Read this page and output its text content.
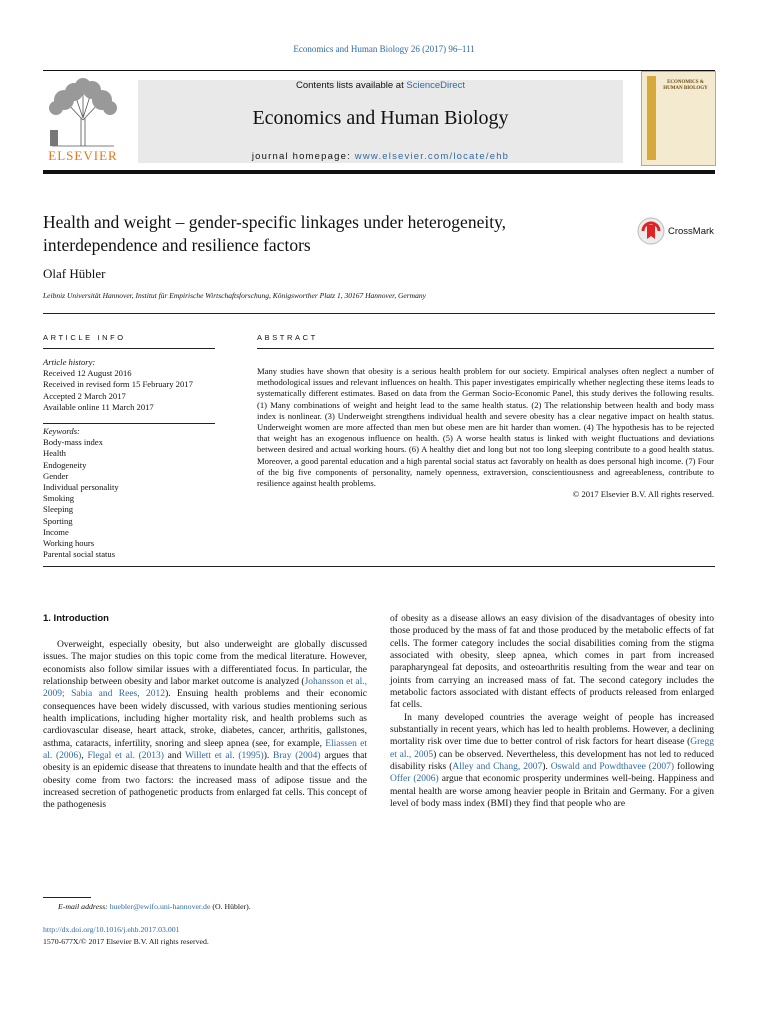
Economics and Human Biology 26 (2017) 96–111
ELSEVIER
Contents lists available at ScienceDirect
Economics and Human Biology
journal homepage: www.elsevier.com/locate/ehb
ECONOMICS & HUMAN BIOLOGY
Health and weight – gender-specific linkages under heterogeneity,
interdependence and resilience factors
CrossMark
Olaf Hübler
Leibniz Universität Hannover, Institut für Empirische Wirtschaftsforschung, Königsworther Platz 1, 30167 Hannover, Germany
ARTICLE INFO
Article history:
Received 12 August 2016
Received in revised form 15 February 2017
Accepted 2 March 2017
Available online 11 March 2017
Keywords:
Body-mass index
Health
Endogeneity
Gender
Individual personality
Smoking
Sleeping
Sporting
Income
Working hours
Parental social status
ABSTRACT
Many studies have shown that obesity is a serious health problem for our society. Empirical analyses often neglect a number of methodological issues and relevant influences on health. This paper investigates empirically whether neglecting these items leads to systematically different estimates. Based on data from the German Socio-Economic Panel, this study derives the following results. (1) Many combinations of weight and height lead to the same health status. (2) The relationship between health and body mass index is nonlinear. (3) Underweight strengthens individual health and severe obesity has a clear negative impact on health status. Underweight women are more affected than men but obese men are hit harder than women. (4) The hypothesis has to be rejected that weight has an exogenous influence on health. (5) A worse health status is linked with weight fluctuations and deviations between desired and actual working hours. (6) A healthy diet and long but not too long sleeping contribute to a good health status. Moreover, a good parental education and a high parental social status act favorably on health as does personal high income. (7) Four of the big five components of personality, namely openness, extraversion, conscientiousness and agreeableness, contribute to resilience against health problems.
© 2017 Elsevier B.V. All rights reserved.
1. Introduction

Overweight, especially obesity, but also underweight are globally discussed issues. The major studies on this topic come from the medical literature. However, economists also follow similar issues with a differentiated focus. In particular, the relationship between obesity and labor market outcome is analyzed (Johansson et al., 2009; Sabia and Rees, 2012). Ensuing health problems and their economic consequences have been widely discussed, with various studies mentioning serious health implications, including higher mortality risk, and health problems such as cardiovascular disease, heart attack, stroke, diabetes, cancer, arthritis, gallstones, asthma, cataracts, infertility, snoring and sleep apnea (see, for example, Eliassen et al. (2006), Flegal et al. (2013) and Willett et al. (1995)). Bray (2004) argues that obesity is an epidemic disease that threatens to inundate health and that the effects of obesity come from two factors: the increased mass of adipose tissue and the increased secretion of pathogenetic products from enlarged fat cells. This concept of the pathogenesis

of obesity as a disease allows an easy division of the disadvantages of obesity into those produced by the mass of fat and those produced by the metabolic effects of fat cells. The former category includes the social disabilities coming from the stigma associated with obesity, sleep apnea, which comes in part from increased parapharyngeal fat deposits, and osteoarthritis resulting from the wear and tear on joints from carrying an increased mass of fat. The second category includes the metabolic factors associated with distant effects of products released from enlarged fat cells.

In many developed countries the average weight of people has increased substantially in recent years, which has led to health problems. However, a declining mortality risk over time due to better control of risk factors for heart disease (Gregg et al., 2005) can be observed. Nevertheless, this development has not led to reduced disability risks (Alley and Chang, 2007). Oswald and Powdthavee (2007) following Offer (2006) argue that economic prosperity undermines well-being. Happiness and mental health are worse among heavier people in Britain and Germany. For a given level of body mass index (BMI) they find that people who are

E-mail address: huebler@ewifo.uni-hannover.de (O. Hübler).
http://dx.doi.org/10.1016/j.ehb.2017.03.001
1570-677X/© 2017 Elsevier B.V. All rights reserved.
